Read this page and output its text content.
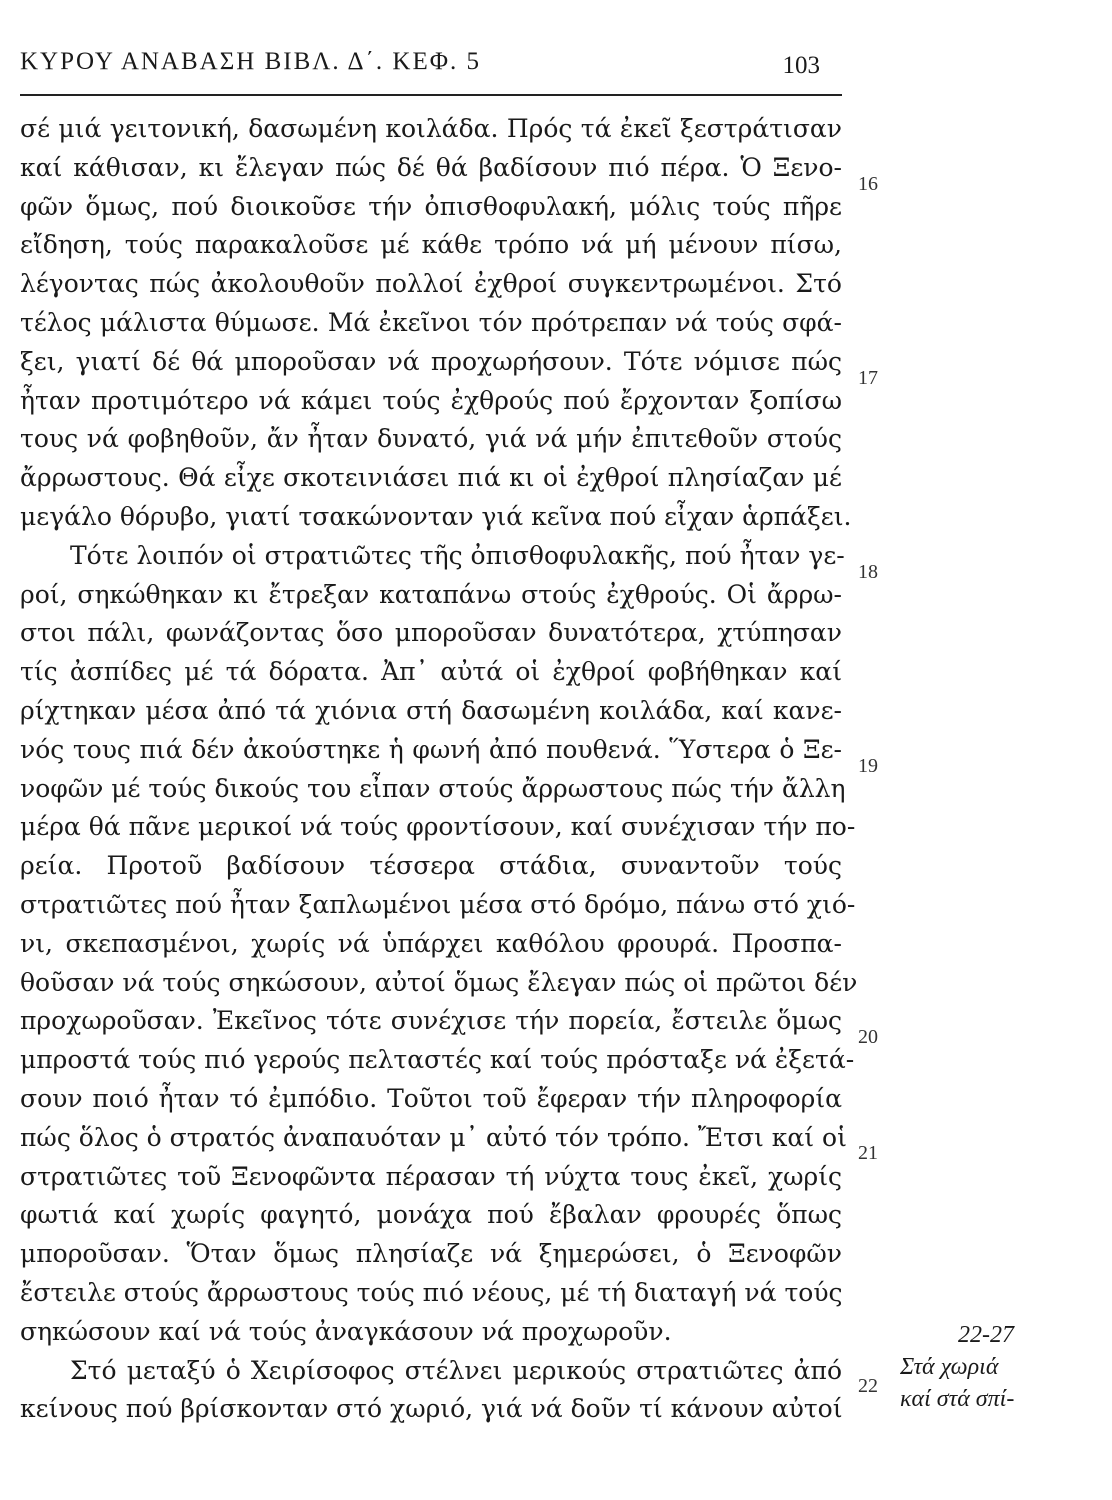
ΚΥΡΟΥ ΑΝΑΒΑΣΗ ΒΙΒΛ. Δ΄. ΚΕΦ. 5	103
σέ μιά γειτονική, δασωμένη κοιλάδα. Πρός τά ἐκεῖ ξεστράτισαν
καί κάθισαν, κι ἔλεγαν πώς δέ θά βαδίσουν πιό πέρα. Ὁ Ξενο-
φῶν ὅμως, πού διοικοῦσε τήν ὀπισθοφυλακή, μόλις τούς πῆρε
εἴδηση, τούς παρακαλοῦσε μέ κάθε τρόπο νά μή μένουν πίσω,
λέγοντας πώς ἀκολουθοῦν πολλοί ἐχθροί συγκεντρωμένοι. Στό
τέλος μάλιστα θύμωσε. Μά ἐκεῖνοι τόν πρότρεπαν νά τούς σφά-
ξει, γιατί δέ θά μποροῦσαν νά προχωρήσουν. Τότε νόμισε πώς
ἦταν προτιμότερο νά κάμει τούς ἐχθρούς πού ἔρχονταν ξοπίσω
τους νά φοβηθοῦν, ἄν ἦταν δυνατό, γιά νά μήν ἐπιτεθοῦν στούς
ἄρρωστους. Θά εἶχε σκοτεινιάσει πιά κι οἱ ἐχθροί πλησίαζαν μέ
μεγάλο θόρυβο, γιατί τσακώνονταν γιά κεῖνα πού εἶχαν ἁρπάξει.
Τότε λοιπόν οἱ στρατιῶτες τῆς ὀπισθοφυλακῆς, πού ἦταν γε-
ροί, σηκώθηκαν κι ἔτρεξαν καταπάνω στούς ἐχθρούς. Οἱ ἄρρω-
στοι πάλι, φωνάζοντας ὅσο μποροῦσαν δυνατότερα, χτύπησαν
τίς ἀσπίδες μέ τά δόρατα. Ἀπ᾽ αὐτά οἱ ἐχθροί φοβήθηκαν καί
ρίχτηκαν μέσα ἀπό τά χιόνια στή δασωμένη κοιλάδα, καί κανε-
νός τους πιά δέν ἀκούστηκε ἡ φωνή ἀπό πουθενά. Ὕστερα ὁ Ξε-
νοφῶν μέ τούς δικούς του εἶπαν στούς ἄρρωστους πώς τήν ἄλλη
μέρα θά πᾶνε μερικοί νά τούς φροντίσουν, καί συνέχισαν τήν πο-
ρεία. Προτοῦ βαδίσουν τέσσερα στάδια, συναντοῦν τούς
στρατιῶτες πού ἦταν ξαπλωμένοι μέσα στό δρόμο, πάνω στό χιό-
νι, σκεπασμένοι, χωρίς νά ὑπάρχει καθόλου φρουρά. Προσπα-
θοῦσαν νά τούς σηκώσουν, αὐτοί ὅμως ἔλεγαν πώς οἱ πρῶτοι δέν
προχωροῦσαν. Ἐκεῖνος τότε συνέχισε τήν πορεία, ἔστειλε ὅμως
μπροστά τούς πιό γερούς πελταστές καί τούς πρόσταξε νά ἐξετά-
σουν ποιό ἦταν τό ἐμπόδιο. Τοῦτοι τοῦ ἔφεραν τήν πληροφορία
πώς ὅλος ὁ στρατός ἀναπαυόταν μ᾽ αὐτό τόν τρόπο. Ἔτσι καί οἱ
στρατιῶτες τοῦ Ξενοφῶντα πέρασαν τή νύχτα τους ἐκεῖ, χωρίς
φωτιά καί χωρίς φαγητό, μονάχα πού ἔβαλαν φρουρές ὅπως
μποροῦσαν. Ὅταν ὅμως πλησίαζε νά ξημερώσει, ὁ Ξενοφῶν
ἔστειλε στούς ἄρρωστους τούς πιό νέους, μέ τή διαταγή νά τούς
σηκώσουν καί νά τούς ἀναγκάσουν νά προχωροῦν.
Στό μεταξύ ὁ Χειρίσοφος στέλνει μερικούς στρατιῶτες ἀπό
κείνους πού βρίσκονταν στό χωριό, γιά νά δοῦν τί κάνουν αὐτοί
16
17
18
19
20
21
22
22-27
Στά χωριά
καί στά σπί-
